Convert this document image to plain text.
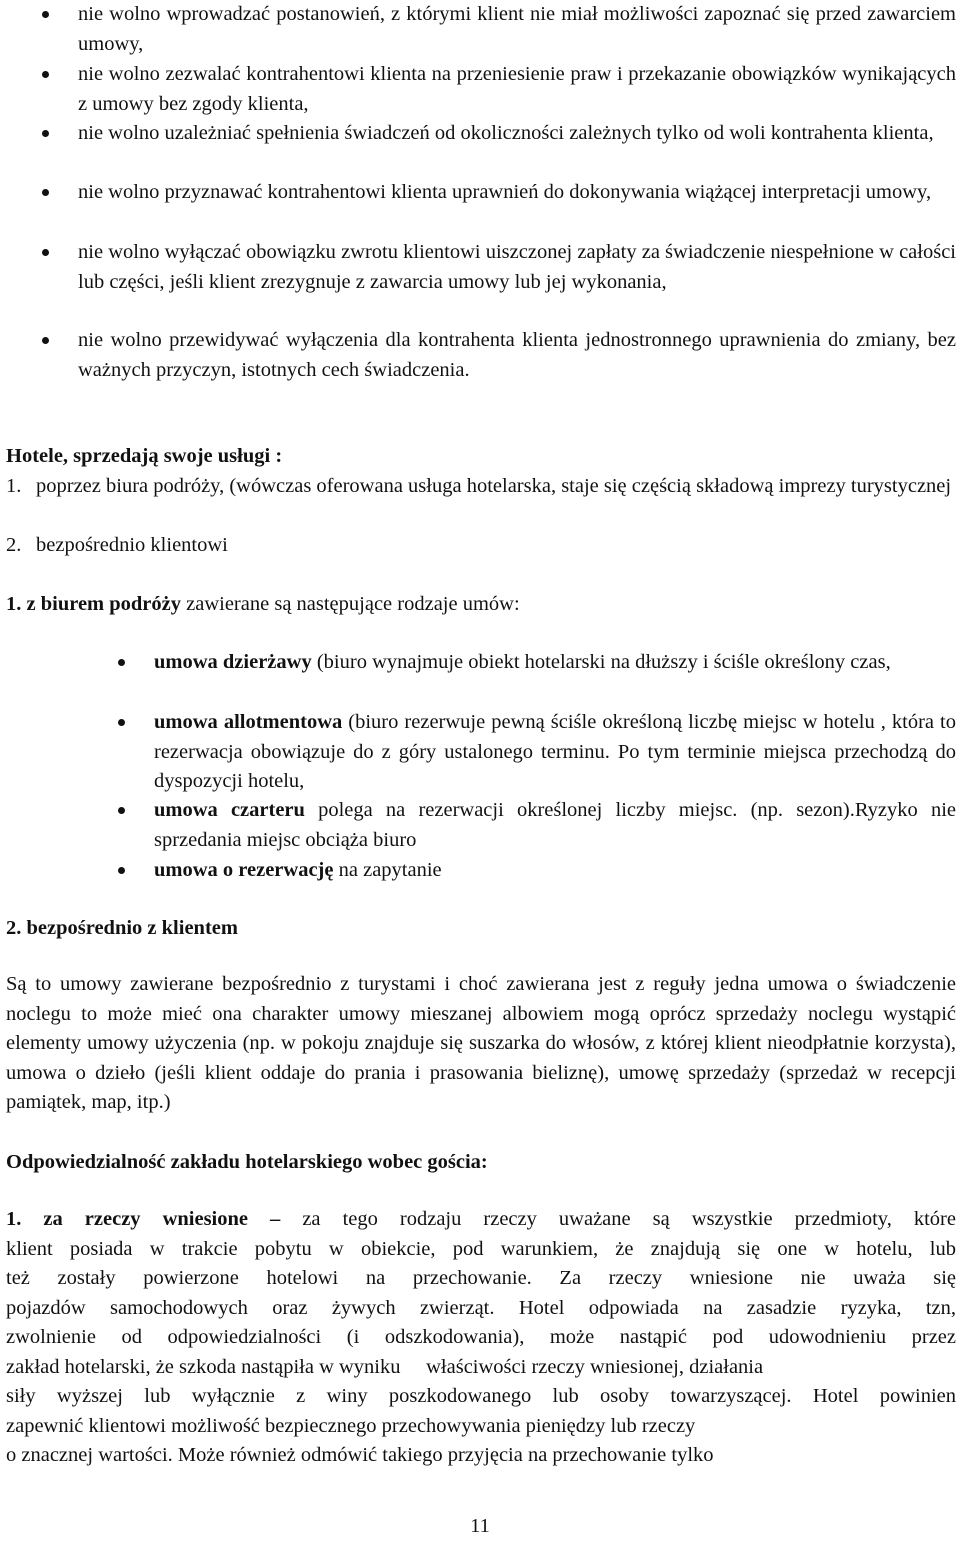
nie wolno wprowadzać postanowień, z którymi klient nie miał możliwości zapoznać się przed zawarciem umowy,
nie wolno zezwalać kontrahentowi klienta na przeniesienie praw i przekazanie obowiązków wynikających z umowy bez zgody klienta,
nie wolno uzależniać spełnienia świadczeń od okoliczności zależnych tylko od woli kontrahenta klienta,
nie wolno przyznawać kontrahentowi klienta uprawnień do dokonywania wiążącej interpretacji umowy,
nie wolno wyłączać obowiązku zwrotu klientowi uiszczonej zapłaty za świadczenie niespełnione w całości lub części, jeśli klient zrezygnuje z zawarcia umowy lub jej wykonania,
nie wolno przewidywać wyłączenia dla kontrahenta klienta jednostronnego uprawnienia do zmiany, bez ważnych przyczyn, istotnych cech świadczenia.
Hotele, sprzedają swoje usługi :
1. poprzez biura podróży, (wówczas oferowana usługa hotelarska, staje się częścią składową imprezy turystycznej
2. bezpośrednio klientowi
1. z biurem podróży zawierane są następujące rodzaje umów:
umowa dzierżawy (biuro wynajmuje obiekt hotelarski na dłuższy i ściśle określony czas,
umowa allotmentowa (biuro rezerwuje pewną ściśle określoną liczbę miejsc w hotelu , która to rezerwacja obowiązuje do z góry ustalonego terminu. Po tym terminie miejsca przechodzą do dyspozycji hotelu,
umowa czarteru polega na rezerwacji określonej liczby miejsc. (np. sezon).Ryzyko nie sprzedania miejsc obciąża biuro
umowa o rezerwację na zapytanie
2. bezpośrednio z klientem
Są to umowy zawierane bezpośrednio z turystami i choć zawierana jest z reguły jedna umowa o świadczenie noclegu to może mieć ona charakter umowy mieszanej albowiem mogą oprócz sprzedaży noclegu wystąpić elementy umowy użyczenia (np. w pokoju znajduje się suszarka do włosów, z której klient nieodpłatnie korzysta), umowa o dzieło (jeśli klient oddaje do prania i prasowania bieliznę), umowę sprzedaży (sprzedaż w recepcji pamiątek, map, itp.)
Odpowiedzialność zakładu hotelarskiego wobec gościa:
1. za rzeczy wniesione – za tego rodzaju rzeczy uważane są wszystkie przedmioty, które
klient posiada w trakcie pobytu w obiekcie, pod warunkiem, że znajdują się one w hotelu, lub
też zostały powierzone hotelowi na przechowanie. Za rzeczy wniesione nie uważa się
pojazdów samochodowych oraz żywych zwierząt. Hotel odpowiada na zasadzie ryzyka, tzn,
zwolnienie od odpowiedzialności (i odszkodowania), może nastąpić pod udowodnieniu przez
zakład hotelarski, że szkoda nastąpiła w wyniku     właściwości rzeczy wniesionej, działania
siły wyższej lub wyłącznie z winy poszkodowanego lub osoby towarzyszącej. Hotel powinien
zapewnić klientowi możliwość bezpiecznego przechowywania pieniędzy lub rzeczy
o znacznej wartości. Może również odmówić takiego przyjęcia na przechowanie tylko
11
